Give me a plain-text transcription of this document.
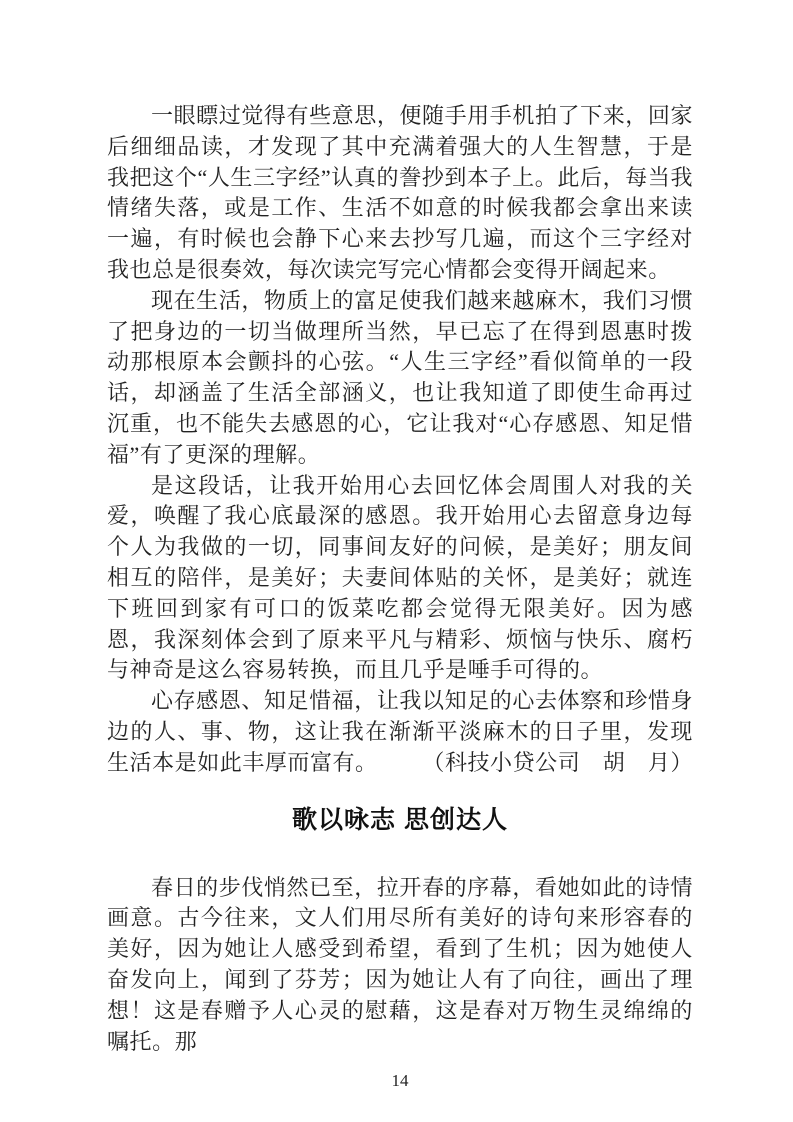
一眼瞟过觉得有些意思，便随手用手机拍了下来，回家后细细品读，才发现了其中充满着强大的人生智慧，于是我把这个“人生三字经”认真的誊抄到本子上。此后，每当我情绪失落，或是工作、生活不如意的时候我都会拿出来读一遍，有时候也会静下心来去抄写几遍，而这个三字经对我也总是很奏效，每次读完写完心情都会变得开阔起来。

现在生活，物质上的富足使我们越来越麻木，我们习惯了把身边的一切当做理所当然，早已忘了在得到恩惠时拨动那根原本会颤抖的心弦。“人生三字经”看似简单的一段话，却涵盖了生活全部涵义，也让我知道了即使生命再过沉重，也不能失去感恩的心，它让我对“心存感恩、知足惜福”有了更深的理解。

是这段话，让我开始用心去回忆体会周围人对我的关爱，唤醒了我心底最深的感恩。我开始用心去留意身边每个人为我做的一切，同事间友好的问候，是美好；朋友间相互的陪伴，是美好；夫妻间体贴的关怀，是美好；就连下班回到家有可口的饭菜吃都会觉得无限美好。因为感恩，我深刻体会到了原来平凡与精彩、烦恼与快乐、腐朽与神奇是这么容易转换，而且几乎是唾手可得的。

心存感恩、知足惜福，让我以知足的心去体察和珍惜身边的人、事、物，这让我在渐渐平淡麻木的日子里，发现生活本是如此丰厚而富有。	（科技小贷公司　胡　月）

歌以咏志 思创达人

春日的步伐悄然已至，拉开春的序幕，看她如此的诗情画意。古今往来，文人们用尽所有美好的诗句来形容春的美好，因为她让人感受到希望，看到了生机；因为她使人奋发向上，闻到了芬芳；因为她让人有了向往，画出了理想！这是春赠予人心灵的慰藉，这是春对万物生灵绵绵的嘱托。那

14
